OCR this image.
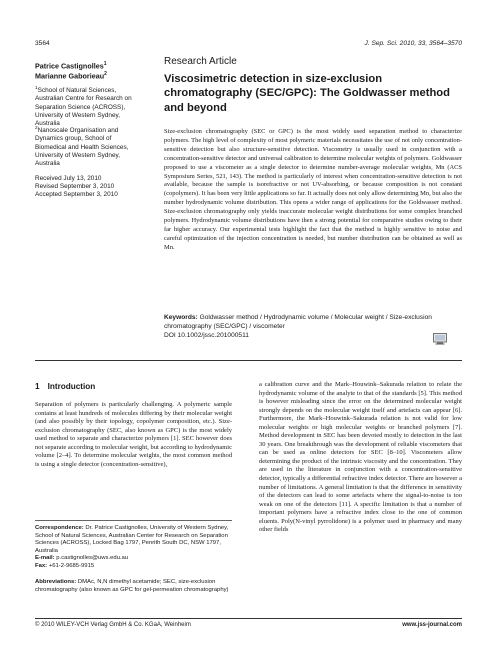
3564	J. Sep. Sci. 2010, 33, 3564–3570
Patrice Castignolles$^1$
Marianne Gaborieau$^2$
$^1$School of Natural Sciences, Australian Centre for Research on Separation Science (ACROSS), University of Western Sydney, Australia
$^2$Nanoscale Organisation and Dynamics group, School of Biomedical and Health Sciences, University of Western Sydney, Australia
Received July 13, 2010
Revised September 3, 2010
Accepted September 3, 2010
Research Article
Viscosimetric detection in size-exclusion chromatography (SEC/GPC): The Goldwasser method and beyond
Size-exclusion chromatography (SEC or GPC) is the most widely used separation method to characterize polymers. The high level of complexity of most polymeric materials necessitates the use of not only concentration-sensitive detection but also structure-sensitive detection. Viscometry is usually used in conjunction with a concentration-sensitive detector and universal calibration to determine molecular weights of polymers. Goldwasser proposed to use a viscometer as a single detector to determine number-average molecular weights, Mn (ACS Symposium Series, 521, 143). The method is particularly of interest when concentration-sensitive detection is not available, because the sample is isorefractive or not UV-absorbing, or because composition is not constant (copolymers). It has been very little applications so far. It actually does not only allow determining Mn, but also the number hydrodynamic volume distribution. This opens a wider range of applications for the Goldwasser method. Size-exclusion chromatography only yields inaccurate molecular weight distributions for some complex branched polymers. Hydrodynamic volume distributions have then a strong potential for comparative studies owing to their far higher accuracy. Our experimental tests highlight the fact that the method is highly sensitive to noise and careful optimization of the injection concentration is needed, but number distribution can be obtained as well as Mn.
Keywords: Goldwasser method / Hydrodynamic volume / Molecular weight / Size-exclusion chromatography (SEC/GPC) / viscometer
DOI 10.1002/jssc.201000511
1 Introduction
Separation of polymers is particularly challenging. A polymeric sample contains at least hundreds of molecules differing by their molecular weight (and also possibly by their topology, copolymer composition, etc.). Size-exclusion chromatography (SEC, also known as GPC) is the most widely used method to separate and characterize polymers [1]. SEC however does not separate according to molecular weight, but according to hydrodynamic volume [2–4]. To determine molecular weights, the most common method is using a single detector (concentration-sensitive),
a calibration curve and the Mark–Houwink–Sakurada relation to relate the hydrodynamic volume of the analyte to that of the standards [5]. This method is however misleading since the error on the determined molecular weight strongly depends on the molecular weight itself and artefacts can appear [6]. Furthermore, the Mark–Houwink–Sakurada relation is not valid for low molecular weights or high molecular weights or branched polymers [7]. Method development in SEC has been devoted mostly to detection in the last 30 years. One breakthrough was the development of reliable viscometers that can be used as online detectors for SEC [8–10]. Viscometers allow determining the product of the intrinsic viscosity and the concentration. They are used in the literature in conjunction with a concentration-sensitive detector, typically a differential refractive index detector. There are however a number of limitations. A general limitation is that the difference in sensitivity of the detectors can lead to some artefacts where the signal-to-noise is too weak on one of the detectors [11]. A specific limitation is that a number of important polymers have a refractive index close to the one of common eluents. Poly(N-vinyl pyrrolidone) is a polymer used in pharmacy and many other fields
Correspondence: Dr. Patrice Castignolles, University of Western Sydney, School of Natural Sciences, Australian Center for Research on Separation Sciences (ACROSS), Locked Bag 1797, Penrith South DC, NSW 1797, Australia
E-mail: p.castignolles@uws.edu.au
Fax: +61-2-9685-9915
Abbreviations: DMAc, N,N dimethyl acetamide; SEC, size-exclusion chromatography (also known as GPC for gel-permeation chromatography)
© 2010 WILEY-VCH Verlag GmbH & Co. KGaA, Weinheim	www.jss-journal.com
